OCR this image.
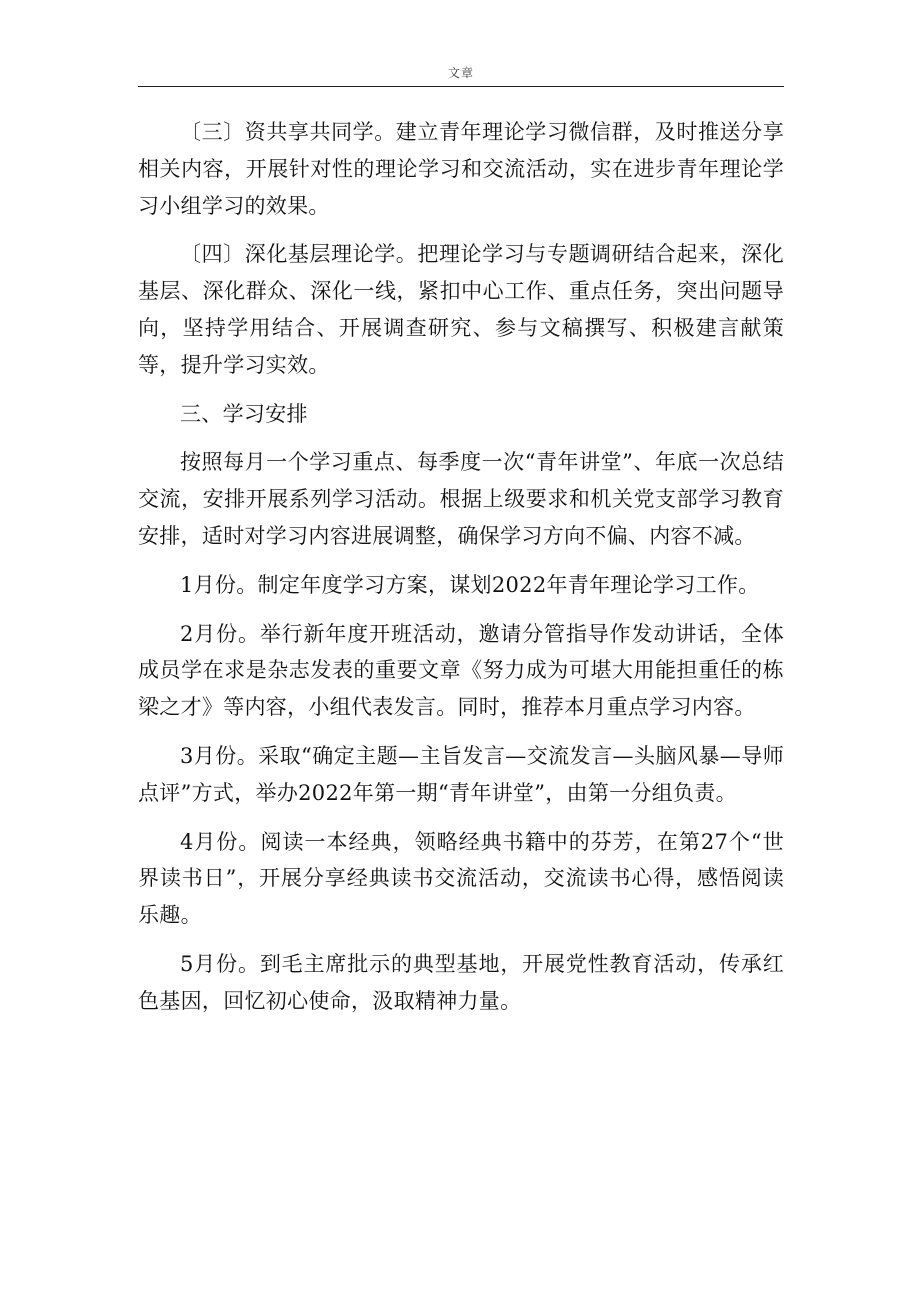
文章

〔三〕资共享共同学。建立青年理论学习微信群，及时推送分享相关内容，开展针对性的理论学习和交流活动，实在进步青年理论学习小组学习的效果。

〔四〕深化基层理论学。把理论学习与专题调研结合起来，深化基层、深化群众、深化一线，紧扣中心工作、重点任务，突出问题导向，坚持学用结合、开展调查研究、参与文稿撰写、积极建言献策等，提升学习实效。

三、学习安排

按照每月一个学习重点、每季度一次“青年讲堂”、年底一次总结交流，安排开展系列学习活动。根据上级要求和机关党支部学习教育安排，适时对学习内容进展调整，确保学习方向不偏、内容不减。

1月份。制定年度学习方案，谋划2022年青年理论学习工作。

2月份。举行新年度开班活动，邀请分管指导作发动讲话，全体成员学在求是杂志发表的重要文章《努力成为可堪大用能担重任的栋梁之才》等内容，小组代表发言。同时，推荐本月重点学习内容。

3月份。采取“确定主题—主旨发言—交流发言—头脑风暴—导师点评”方式，举办2022年第一期“青年讲堂”，由第一分组负责。

4月份。阅读一本经典，领略经典书籍中的芬芳，在第27个“世界读书日”，开展分享经典读书交流活动，交流读书心得，感悟阅读乐趣。

5月份。到毛主席批示的典型基地，开展党性教育活动，传承红色基因，回忆初心使命，汲取精神力量。
